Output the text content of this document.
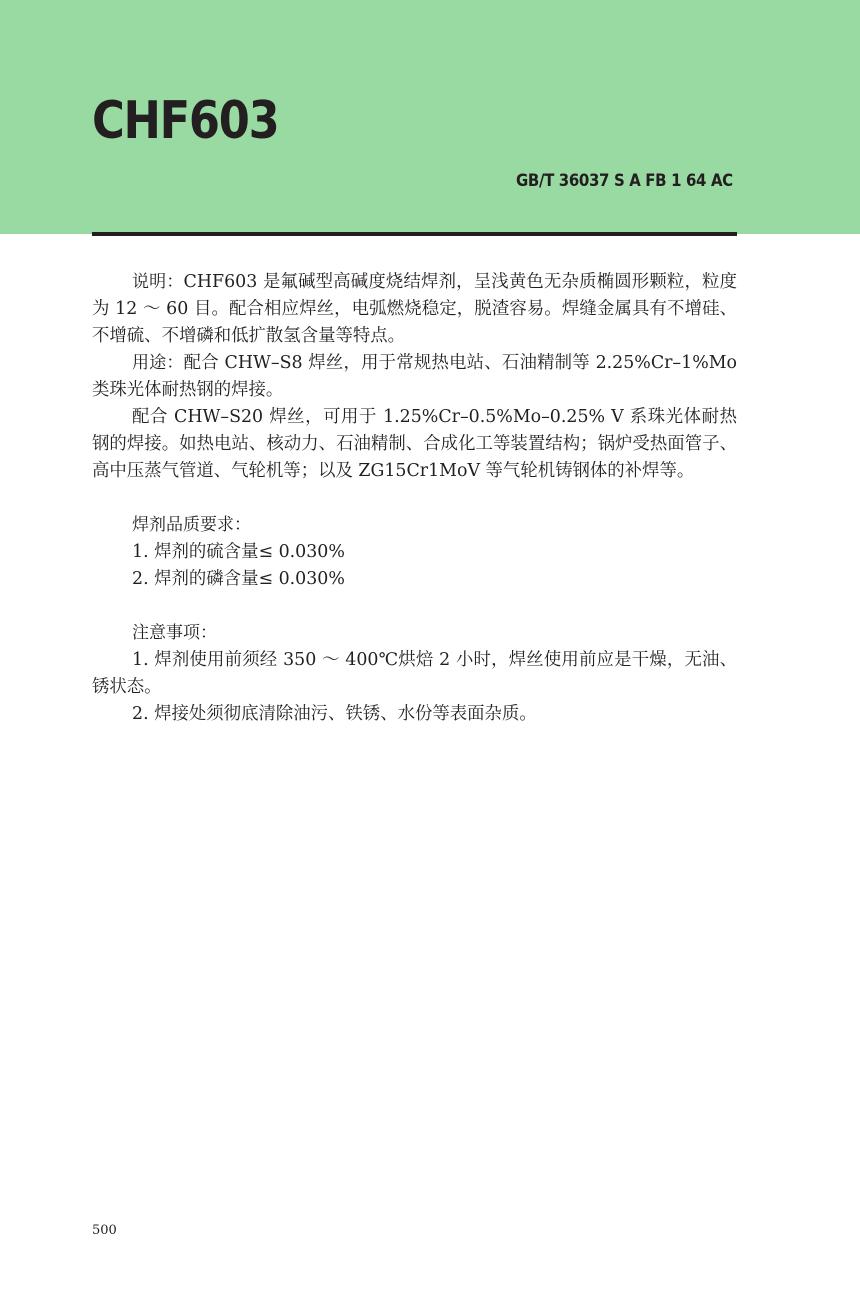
CHF603
GB/T 36037 S A FB 1 64 AC

说明：CHF603 是氟碱型高碱度烧结焊剂，呈浅黄色无杂质椭圆形颗粒，粒度为 12 ～ 60 目。配合相应焊丝，电弧燃烧稳定，脱渣容易。焊缝金属具有不增硅、不增硫、不增磷和低扩散氢含量等特点。

用途：配合 CHW–S8 焊丝，用于常规热电站、石油精制等 2.25%Cr–1%Mo 类珠光体耐热钢的焊接。

配合 CHW–S20 焊丝，可用于 1.25%Cr–0.5%Mo–0.25% V 系珠光体耐热钢的焊接。如热电站、核动力、石油精制、合成化工等装置结构；锅炉受热面管子、高中压蒸气管道、气轮机等；以及 ZG15Cr1MoV 等气轮机铸钢体的补焊等。

焊剂品质要求：

1. 焊剂的硫含量≤ 0.030%

2. 焊剂的磷含量≤ 0.030%

注意事项：

1. 焊剂使用前须经 350 ～ 400℃烘焙 2 小时，焊丝使用前应是干燥，无油、锈状态。

2. 焊接处须彻底清除油污、铁锈、水份等表面杂质。

500
